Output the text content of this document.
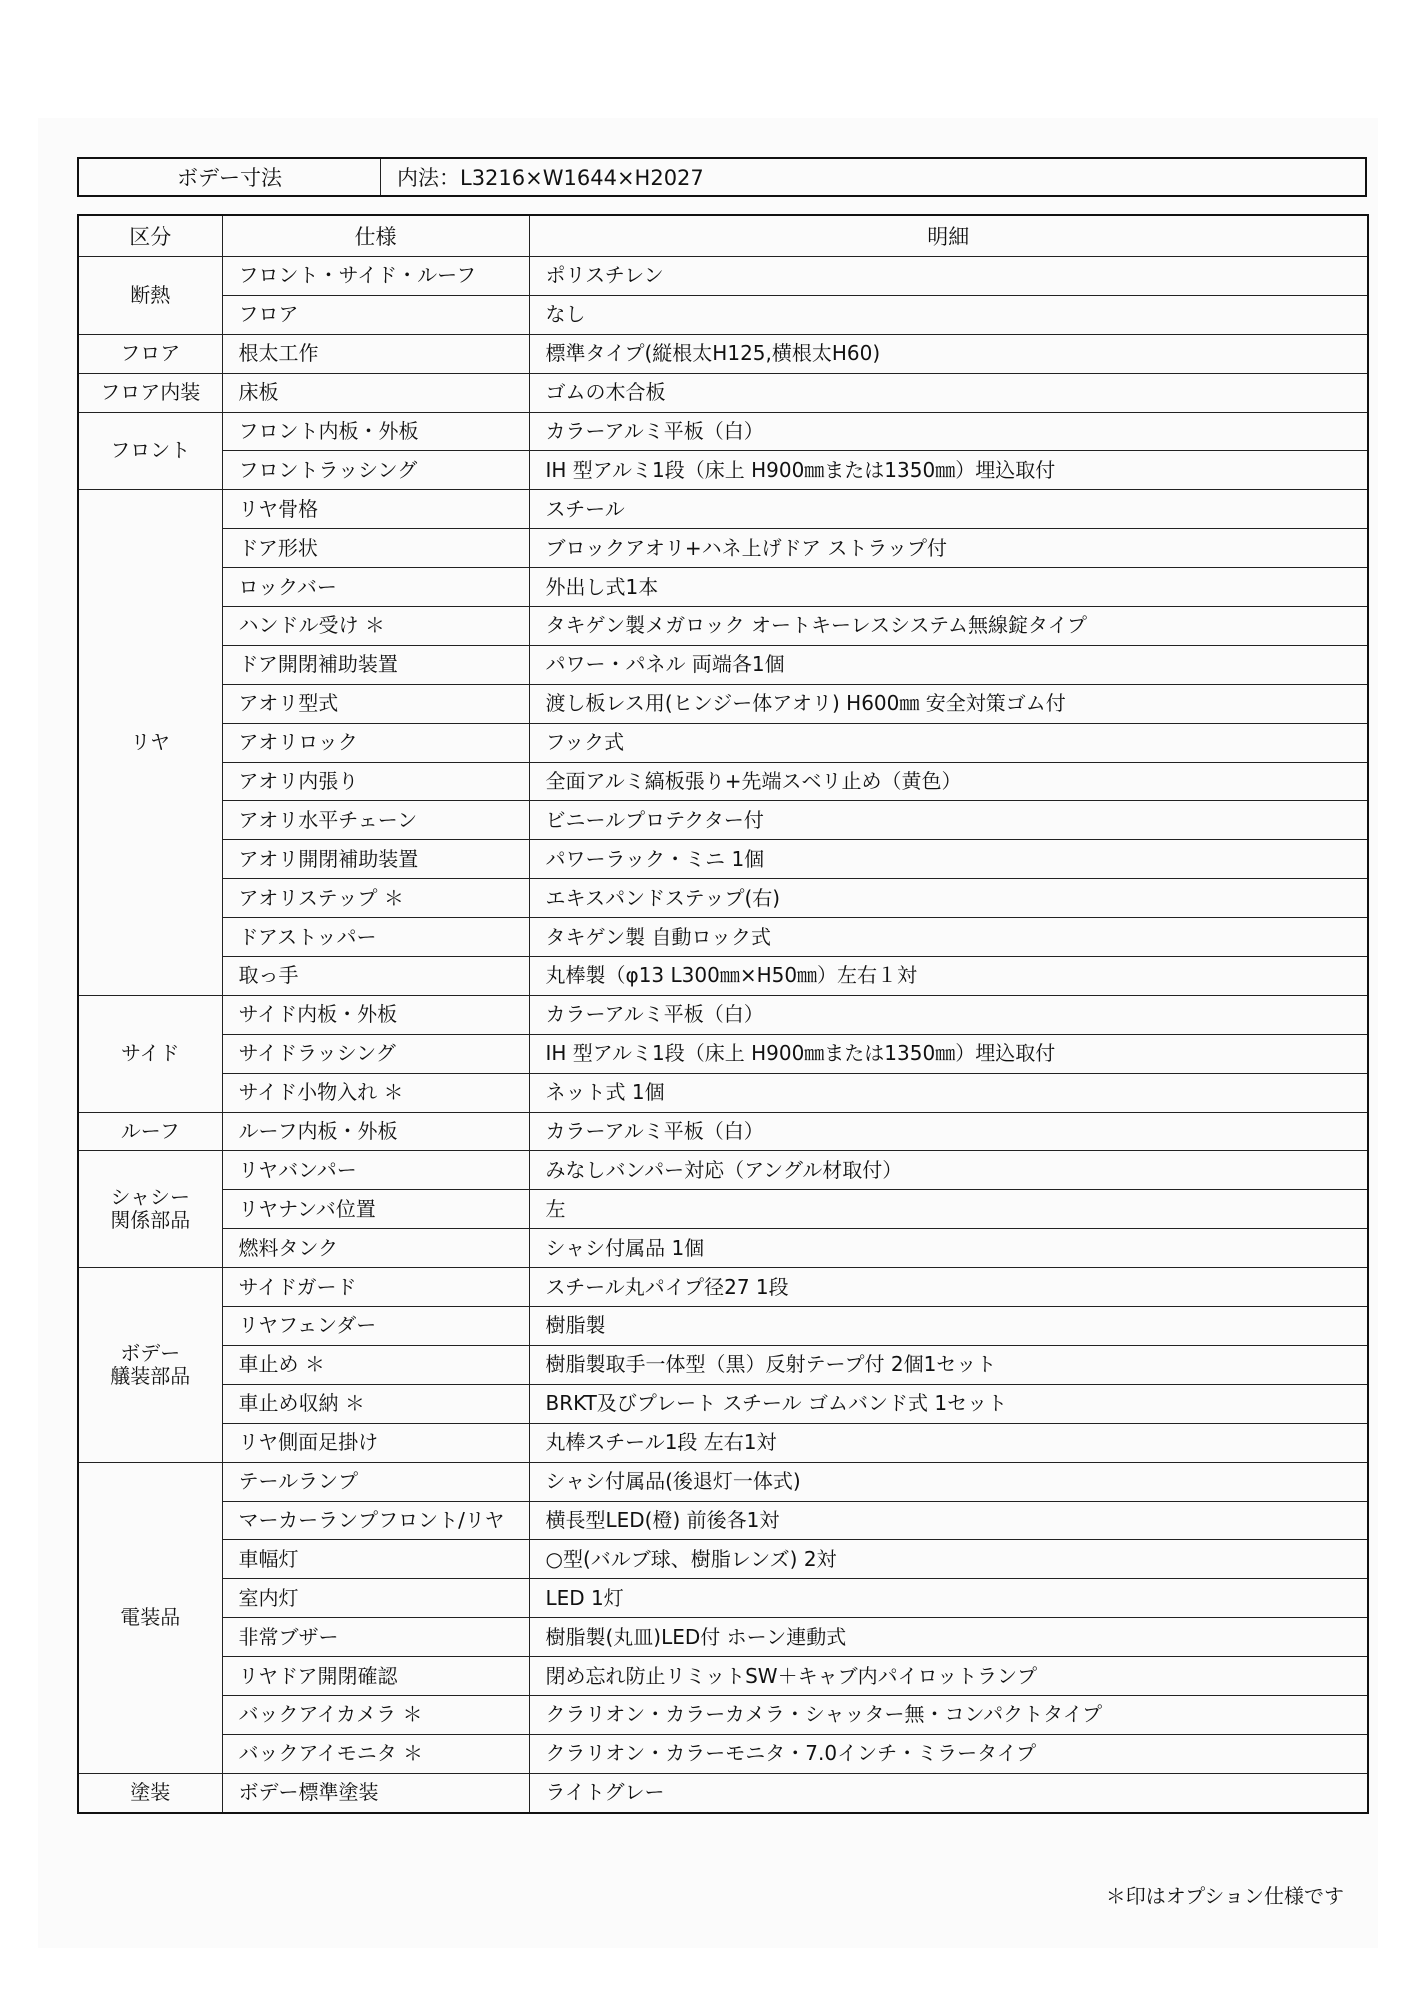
ボデー寸法	内法：L3216×W1644×H2027
区分	仕様	明細
断熱	フロント・サイド・ルーフ	ポリスチレン
	フロア	なし
フロア	根太工作	標準タイプ(縦根太H125,横根太H60)
フロア内装	床板	ゴムの木合板
フロント	フロント内板・外板	カラーアルミ平板（白）
	フロントラッシング	IH 型アルミ1段（床上 H900㎜または1350㎜）埋込取付
リヤ	リヤ骨格	スチール
	ドア形状	ブロックアオリ+ハネ上げドア ストラップ付
	ロックバー	外出し式1本
	ハンドル受け ＊	タキゲン製メガロック オートキーレスシステム無線錠タイプ
	ドア開閉補助装置	パワー・パネル 両端各1個
	アオリ型式	渡し板レス用(ヒンジー体アオリ) H600㎜ 安全対策ゴム付
	アオリロック	フック式
	アオリ内張り	全面アルミ縞板張り+先端スベリ止め（黄色）
	アオリ水平チェーン	ビニールプロテクター付
	アオリ開閉補助装置	パワーラック・ミニ 1個
	アオリステップ ＊	エキスパンドステップ(右)
	ドアストッパー	タキゲン製 自動ロック式
	取っ手	丸棒製（φ13 L300㎜×H50㎜）左右１対
サイド	サイド内板・外板	カラーアルミ平板（白）
	サイドラッシング	IH 型アルミ1段（床上 H900㎜または1350㎜）埋込取付
	サイド小物入れ ＊	ネット式 1個
ルーフ	ルーフ内板・外板	カラーアルミ平板（白）
シャシー
関係部品	リヤバンパー	みなしバンパー対応（アングル材取付）
	リヤナンバ位置	左
	燃料タンク	シャシ付属品 1個
ボデー
艤装部品	サイドガード	スチール丸パイプ径27 1段
	リヤフェンダー	樹脂製
	車止め ＊	樹脂製取手一体型（黒）反射テープ付 2個1セット
	車止め収納 ＊	BRKT及びプレート スチール ゴムバンド式 1セット
	リヤ側面足掛け	丸棒スチール1段 左右1対
電装品	テールランプ	シャシ付属品(後退灯一体式)
	マーカーランプフロント/リヤ	横長型LED(橙) 前後各1対
	車幅灯	○型(バルブ球、樹脂レンズ) 2対
	室内灯	LED 1灯
	非常ブザー	樹脂製(丸皿)LED付 ホーン連動式
	リヤドア開閉確認	閉め忘れ防止リミットSW＋キャブ内パイロットランプ
	バックアイカメラ ＊	クラリオン・カラーカメラ・シャッター無・コンパクトタイプ
	バックアイモニタ ＊	クラリオン・カラーモニタ・7.0インチ・ミラータイプ
塗装	ボデー標準塗装	ライトグレー
＊印はオプション仕様です
